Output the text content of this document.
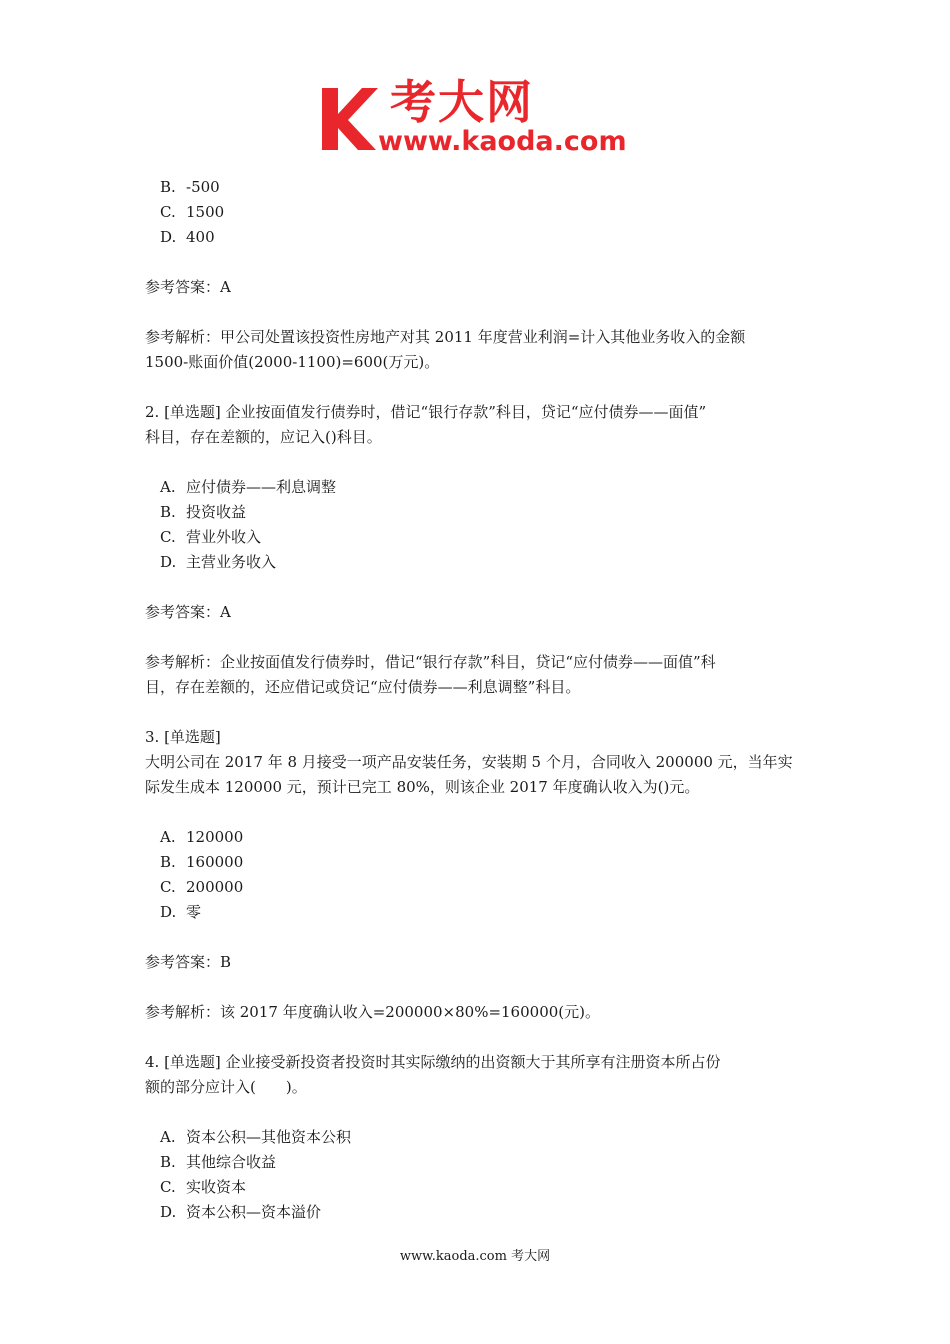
考大网
www.kaoda.com

B. -500

C. 1500

D. 400

参考答案：A

参考解析：甲公司处置该投资性房地产对其 2011 年度营业利润=计入其他业务收入的金额

1500-账面价值(2000-1100)=600(万元)。

2. [单选题] 企业按面值发行债券时，借记“银行存款”科目，贷记“应付债券——面值”

科目，存在差额的，应记入()科目。

A. 应付债券——利息调整

B. 投资收益

C. 营业外收入

D. 主营业务收入

参考答案：A

参考解析：企业按面值发行债券时，借记“银行存款”科目，贷记“应付债券——面值”科

目，存在差额的，还应借记或贷记“应付债券——利息调整”科目。

3. [单选题]

大明公司在 2017 年 8 月接受一项产品安装任务，安装期 5 个月，合同收入 200000 元，当年实

际发生成本 120000 元，预计已完工 80%，则该企业 2017 年度确认收入为()元。

A. 120000

B. 160000

C. 200000

D. 零

参考答案：B

参考解析：该 2017 年度确认收入=200000×80%=160000(元)。

4. [单选题] 企业接受新投资者投资时其实际缴纳的出资额大于其所享有注册资本所占份

额的部分应计入(　　)。

A. 资本公积—其他资本公积

B. 其他综合收益

C. 实收资本

D. 资本公积—资本溢价

www.kaoda.com 考大网
